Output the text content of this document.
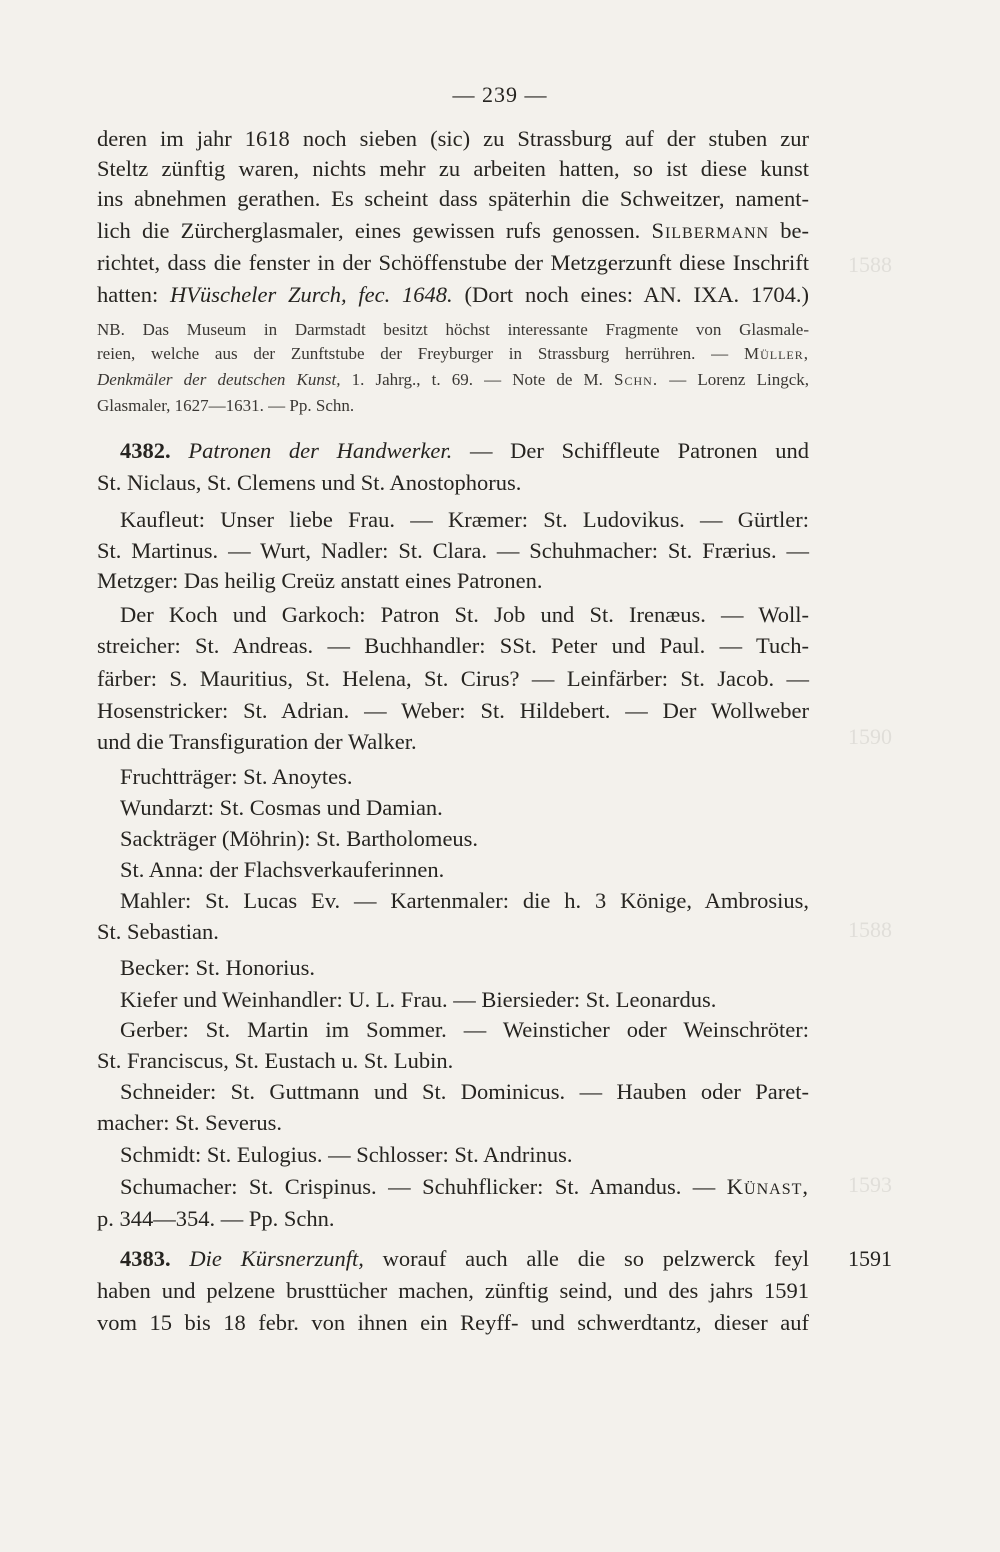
— 239 —
deren im jahr 1618 noch sieben (sic) zu Strassburg auf der stuben zur
Steltz zünftig waren, nichts mehr zu arbeiten hatten, so ist diese kunst
ins abnehmen gerathen. Es scheint dass späterhin die Schweitzer, nament-
lich die Zürcherglasmaler, eines gewissen rufs genossen. Silbermann be-
richtet, dass die fenster in der Schöffenstube der Metzgerzunft diese Inschrift
hatten: HVüscheler Zurch, fec. 1648. (Dort noch eines: AN. IXA. 1704.)
NB. Das Museum in Darmstadt besitzt höchst interessante Fragmente von Glasmale-
reien, welche aus der Zunftstube der Freyburger in Strassburg herrühren. — Müller,
Denkmäler der deutschen Kunst, 1. Jahrg., t. 69. — Note de M. Schn. — Lorenz Lingck,
Glasmaler, 1627—1631. — Pp. Schn.
4382. Patronen der Handwerker. — Der Schiffleute Patronen und
St. Niclaus, St. Clemens und St. Anostophorus.
Kaufleut: Unser liebe Frau. — Kræmer: St. Ludovikus. — Gürtler:
St. Martinus. — Wurt, Nadler: St. Clara. — Schuhmacher: St. Frærius. —
Metzger: Das heilig Creüz anstatt eines Patronen.
Der Koch und Garkoch: Patron St. Job und St. Irenæus. — Woll-
streicher: St. Andreas. — Buchhandler: SSt. Peter und Paul. — Tuch-
färber: S. Mauritius, St. Helena, St. Cirus? — Leinfärber: St. Jacob. —
Hosenstricker: St. Adrian. — Weber: St. Hildebert. — Der Wollweber
und die Transfiguration der Walker.
Fruchtträger: St. Anoytes.
Wundarzt: St. Cosmas und Damian.
Sackträger (Möhrin): St. Bartholomeus.
St. Anna: der Flachsverkauferinnen.
Mahler: St. Lucas Ev. — Kartenmaler: die h. 3 Könige, Ambrosius,
St. Sebastian.
Becker: St. Honorius.
Kiefer und Weinhandler: U. L. Frau. — Biersieder: St. Leonardus.
Gerber: St. Martin im Sommer. — Weinsticher oder Weinschröter:
St. Franciscus, St. Eustach u. St. Lubin.
Schneider: St. Guttmann und St. Dominicus. — Hauben oder Paret-
macher: St. Severus.
Schmidt: St. Eulogius. — Schlosser: St. Andrinus.
Schumacher: St. Crispinus. — Schuhflicker: St. Amandus. — Künast,
p. 344—354. — Pp. Schn.
4383. Die Kürsnerzunft, worauf auch alle die so pelzwerck feyl
haben und pelzene brusttücher machen, zünftig seind, und des jahrs 1591
vom 15 bis 18 febr. von ihnen ein Reyff- und schwerdtantz, dieser auf
1591
1588
1590
1588
1593
